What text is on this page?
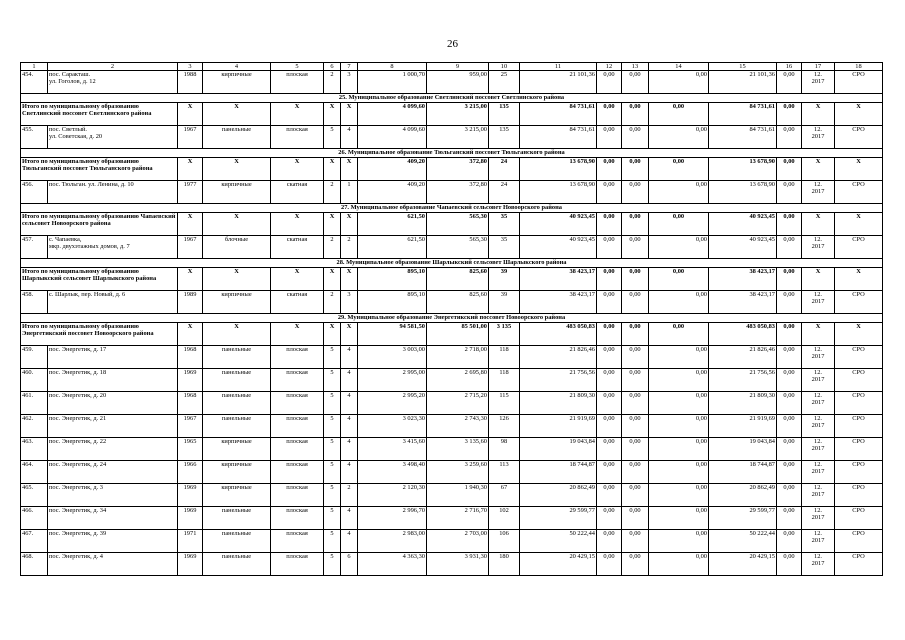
26
1	2	3	4	5	6	7	8	9	10	11	12	13	14	15	16	17	18
454.	пос. Саракташ.
ул. Гоголов, д. 12	1988	кирпичные	плоская	2	3	1 000,70	959,00	25	21 101,36	0,00	0,00	0,00	21 101,36	0,00	12.
2017	СРО
25. Муниципальное образование Светлинский поссовет Светлинского района																	
Итого по муниципальному образованию Светлинский поссовет Светлинского района		X	X	X	X	X	4 099,60	3 215,00	135	84 731,61	0,00	0,00	0,00	84 731,61	0,00	X	X
455.	пос. Светлый.
ул. Советская, д. 20	1967	панельные	плоская	5	4	4 099,60	3 215,00	135	84 731,61	0,00	0,00	0,00	84 731,61	0,00	12.
2017	СРО
26. Муниципальное образование Тюльганский поссовет Тюльганского района																	
Итого по муниципальному образованию Тюльганский поссовет Тюльганского района		X	X	X	X	X	409,20	372,80	24	13 678,90	0,00	0,00	0,00	13 678,90	0,00	X	X
456.	пос. Тюльган. ул. Ленина, д. 10	1977	кирпичные	скатная	2	1	409,20	372,80	24	13 678,90	0,00	0,00	0,00	13 678,90	0,00	12.
2017	СРО
27. Муниципальное образование Чапаевский сельсовет Новоорского района																	
Итого по муниципальному образованию Чапаевский сельсовет Новоорского района		X	X	X	X	X	621,50	565,30	35	40 923,45	0,00	0,00	0,00	40 923,45	0,00	X	X
457.	с. Чапаевка,
мкр. двухэтажных домов, д. 7	1967	блочные	скатная	2	2	621,50	565,30	35	40 923,45	0,00	0,00	0,00	40 923,45	0,00	12.
2017	СРО
28. Муниципальное образование Шарлыкский сельсовет Шарлыкского района																	
Итого по муниципальному образованию Шарлыкский сельсовет Шарлыкского района		X	X	X	X	X	895,10	825,60	39	38 423,17	0,00	0,00	0,00	38 423,17	0,00	X	X
458.	с. Шарлык, пер. Новый, д. 6	1989	кирпичные	скатная	2	3	895,10	825,60	39	38 423,17	0,00	0,00	0,00	38 423,17	0,00	12.
2017	СРО
29. Муниципальное образование Энергетикский поссовет Новоорского района																	
Итого по муниципальному образованию Энергетикский поссовет Новоорского района		X	X	X	X	X	94 581,50	85 501,00	3 135	483 050,83	0,00	0,00	0,00	483 050,83	0,00	X	X
459.	пос. Энергетик, д. 17	1968	панельные	плоская	5	4	3 003,00	2 718,00	118	21 826,46	0,00	0,00	0,00	21 826,46	0,00	12.
2017	СРО
460.	пос. Энергетик, д. 18	1969	панельные	плоская	5	4	2 995,00	2 695,80	118	21 756,56	0,00	0,00	0,00	21 756,56	0,00	12.
2017	СРО
461.	пос. Энергетик, д. 20	1968	панельные	плоская	5	4	2 995,20	2 715,20	115	21 809,30	0,00	0,00	0,00	21 809,30	0,00	12.
2017	СРО
462.	пос. Энергетик, д. 21	1967	панельные	плоская	5	4	3 023,30	2 743,30	126	21 919,69	0,00	0,00	0,00	21 919,69	0,00	12.
2017	СРО
463.	пос. Энергетик, д. 22	1965	кирпичные	плоская	5	4	3 415,60	3 135,60	98	19 043,84	0,00	0,00	0,00	19 043,84	0,00	12.
2017	СРО
464.	пос. Энергетик, д. 24	1966	кирпичные	плоская	5	4	3 498,40	3 259,60	113	18 744,87	0,00	0,00	0,00	18 744,87	0,00	12.
2017	СРО
465.	пос. Энергетик, д. 3	1969	кирпичные	плоская	5	2	2 120,30	1 940,30	67	20 862,49	0,00	0,00	0,00	20 862,49	0,00	12.
2017	СРО
466.	пос. Энергетик, д. 34	1969	панельные	плоская	5	4	2 996,70	2 716,70	102	29 599,77	0,00	0,00	0,00	29 599,77	0,00	12.
2017	СРО
467.	пос. Энергетик, д. 39	1971	панельные	плоская	5	4	2 983,00	2 703,00	106	50 222,44	0,00	0,00	0,00	50 222,44	0,00	12.
2017	СРО
468.	пос. Энергетик, д. 4	1969	панельные	плоская	5	6	4 363,30	3 931,30	180	20 429,15	0,00	0,00	0,00	20 429,15	0,00	12.
2017	СРО
